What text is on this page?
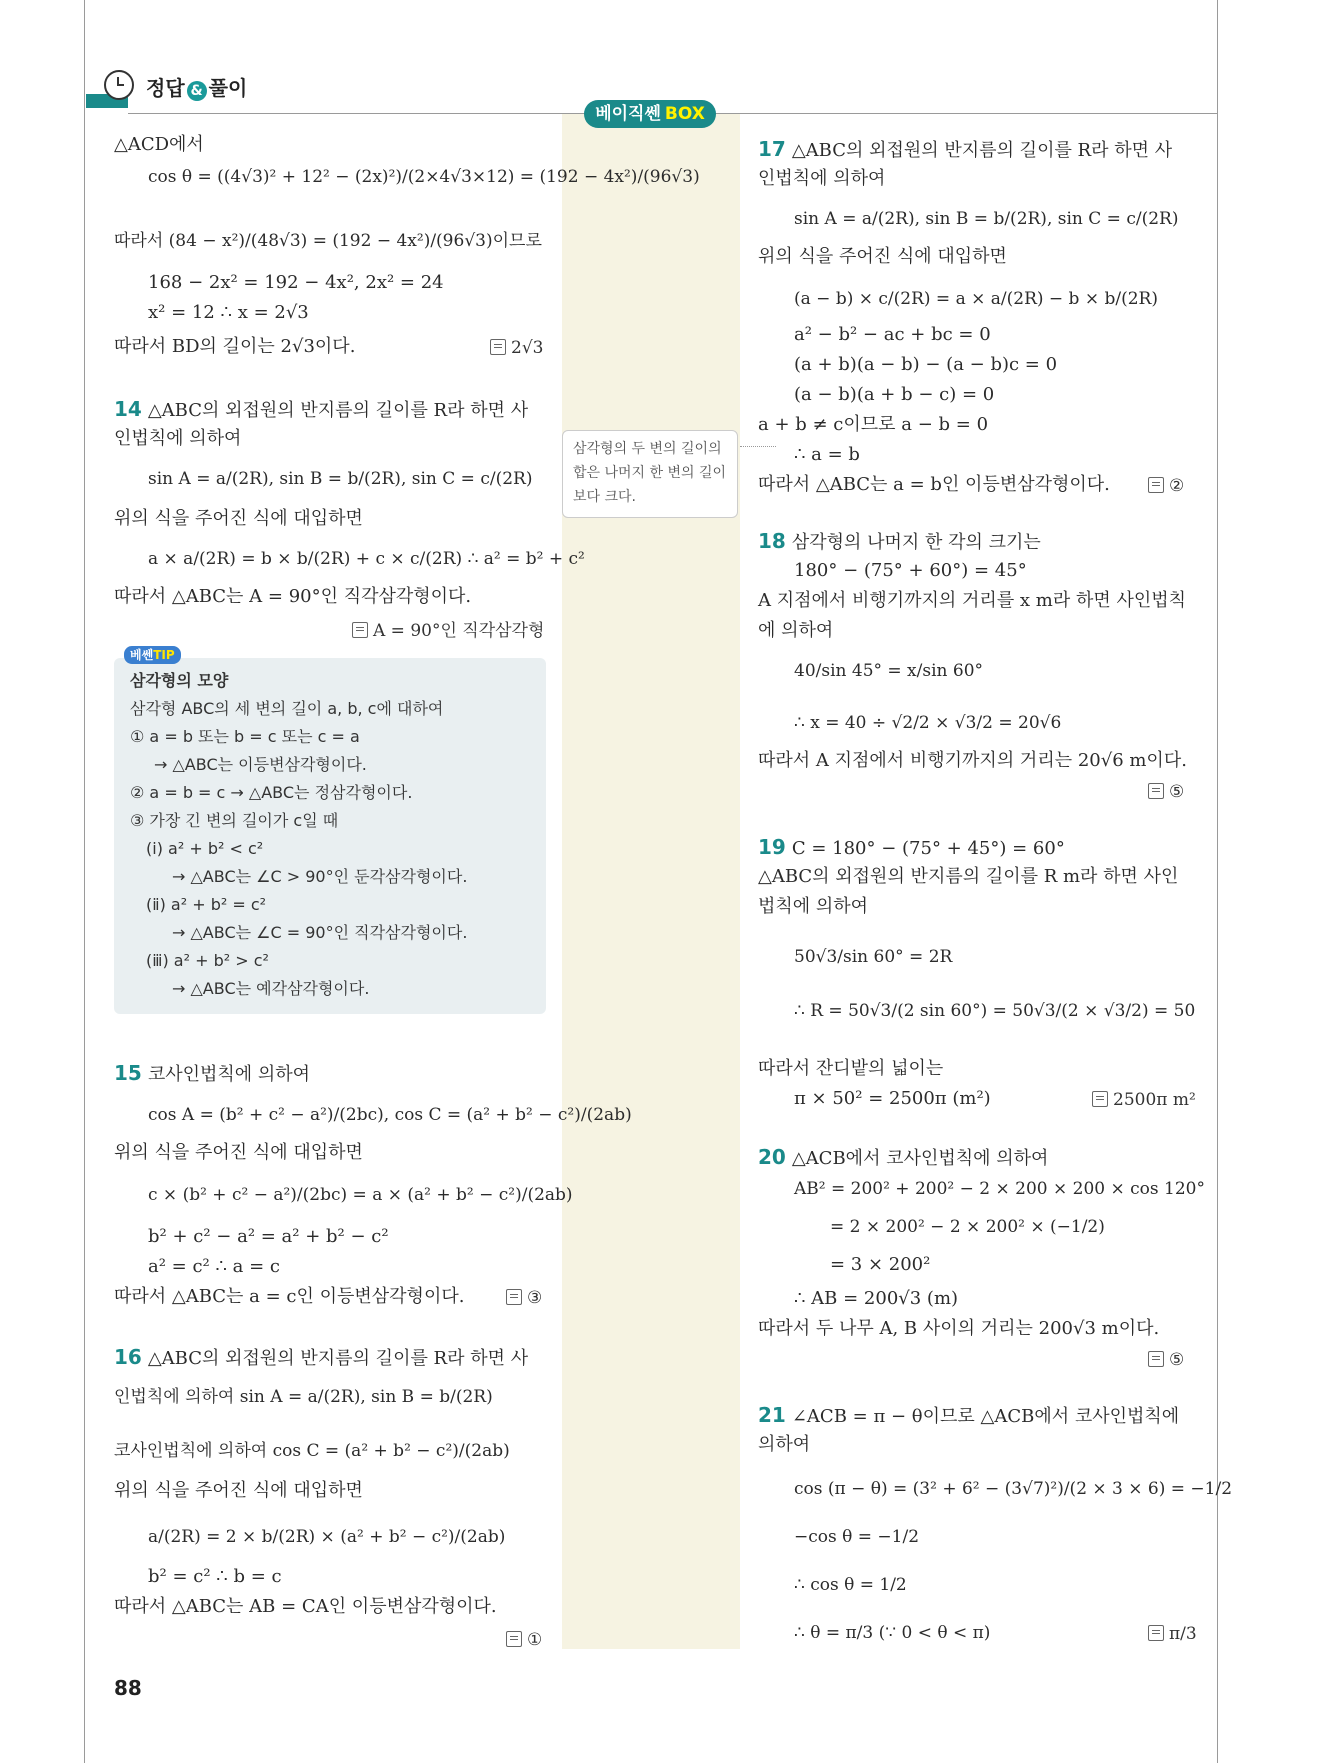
정답 & 풀이
베이직쎈 BOX
삼각형의 두 변의 길이의 합은 나머지 한 변의 길이보다 크다.
△ACD에서
cos θ = ((4√3)² + 12² − (2x)²)/(2×4√3×12) = (192 − 4x²)/(96√3)
따라서 (84 − x²)/(48√3) = (192 − 4x²)/(96√3)이므로
168 − 2x² = 192 − 4x², 2x² = 24
x² = 12 ∴ x = 2√3
따라서 BD의 길이는 2√3이다.	2√3
14 △ABC의 외접원의 반지름의 길이를 R라 하면 사
인법칙에 의하여
sin A = a/(2R), sin B = b/(2R), sin C = c/(2R)
위의 식을 주어진 식에 대입하면
a × a/(2R) = b × b/(2R) + c × c/(2R) ∴ a² = b² + c²
따라서 △ABC는 A = 90°인 직각삼각형이다.
A = 90°인 직각삼각형
베쎈TIP
삼각형의 모양
삼각형 ABC의 세 변의 길이 a, b, c에 대하여
① a = b 또는 b = c 또는 c = a
→ △ABC는 이등변삼각형이다.
② a = b = c → △ABC는 정삼각형이다.
③ 가장 긴 변의 길이가 c일 때
(ⅰ) a² + b² < c²
→ △ABC는 ∠C > 90°인 둔각삼각형이다.
(ⅱ) a² + b² = c²
→ △ABC는 ∠C = 90°인 직각삼각형이다.
(ⅲ) a² + b² > c²
→ △ABC는 예각삼각형이다.
15 코사인법칙에 의하여
cos A = (b² + c² − a²)/(2bc), cos C = (a² + b² − c²)/(2ab)
위의 식을 주어진 식에 대입하면
c × (b² + c² − a²)/(2bc) = a × (a² + b² − c²)/(2ab)
b² + c² − a² = a² + b² − c²
a² = c² ∴ a = c
따라서 △ABC는 a = c인 이등변삼각형이다.	③
16 △ABC의 외접원의 반지름의 길이를 R라 하면 사
인법칙에 의하여 sin A = a/(2R), sin B = b/(2R)
코사인법칙에 의하여 cos C = (a² + b² − c²)/(2ab)
위의 식을 주어진 식에 대입하면
a/(2R) = 2 × b/(2R) × (a² + b² − c²)/(2ab)
b² = c² ∴ b = c
따라서 △ABC는 AB = CA인 이등변삼각형이다.
①
17 △ABC의 외접원의 반지름의 길이를 R라 하면 사
인법칙에 의하여
sin A = a/(2R), sin B = b/(2R), sin C = c/(2R)
위의 식을 주어진 식에 대입하면
(a − b) × c/(2R) = a × a/(2R) − b × b/(2R)
a² − b² − ac + bc = 0
(a + b)(a − b) − (a − b)c = 0
(a − b)(a + b − c) = 0
a + b ≠ c이므로 a − b = 0
∴ a = b
따라서 △ABC는 a = b인 이등변삼각형이다.	②
18 삼각형의 나머지 한 각의 크기는
180° − (75° + 60°) = 45°
A 지점에서 비행기까지의 거리를 x m라 하면 사인법칙
에 의하여
40/sin 45° = x/sin 60°
∴ x = 40 ÷ √2/2 × √3/2 = 20√6
따라서 A 지점에서 비행기까지의 거리는 20√6 m이다.
⑤
19 C = 180° − (75° + 45°) = 60°
△ABC의 외접원의 반지름의 길이를 R m라 하면 사인
법칙에 의하여
50√3/sin 60° = 2R
∴ R = 50√3/(2 sin 60°) = 50√3/(2 × √3/2) = 50
따라서 잔디밭의 넓이는
π × 50² = 2500π (m²)	2500π m²
20 △ACB에서 코사인법칙에 의하여
AB² = 200² + 200² − 2 × 200 × 200 × cos 120°
= 2 × 200² − 2 × 200² × (−1/2)
= 3 × 200²
∴ AB = 200√3 (m)
따라서 두 나무 A, B 사이의 거리는 200√3 m이다.
⑤
21 ∠ACB = π − θ이므로 △ACB에서 코사인법칙에
의하여
cos (π − θ) = (3² + 6² − (3√7)²)/(2 × 3 × 6) = −1/2
−cos θ = −1/2
∴ cos θ = 1/2
∴ θ = π/3 (∵ 0 < θ < π)	π/3
88
